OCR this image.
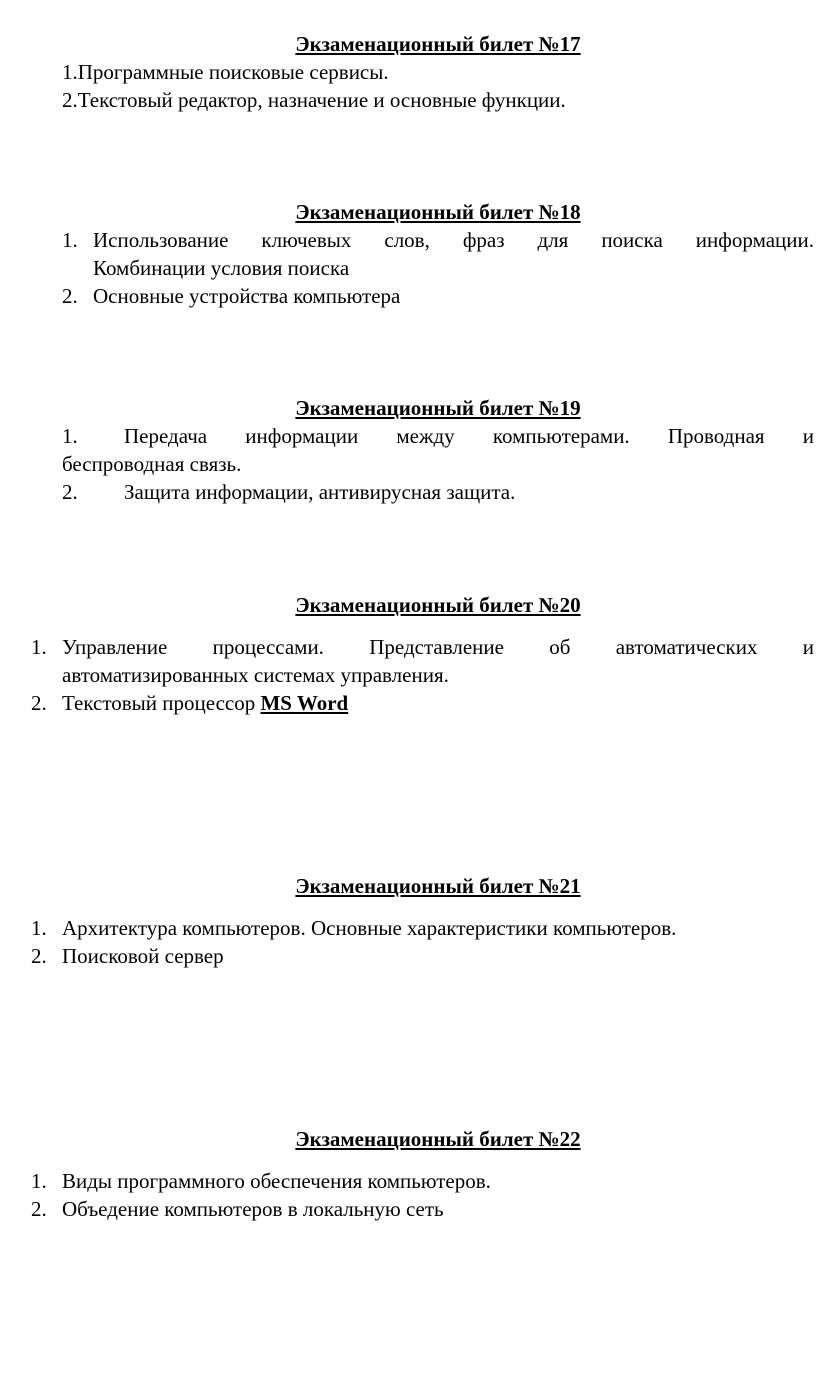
Экзаменационный билет №17
1.Программные поисковые сервисы.
2.Текстовый редактор, назначение и основные функции.
Экзаменационный билет №18
1. Использование ключевых слов, фраз для поиска информации.
Комбинации условия поиска
2. Основные устройства компьютера
Экзаменационный билет №19
1. Передача информации между компьютерами. Проводная и
беспроводная связь.
2. Защита информации, антивирусная защита.
Экзаменационный билет №20
1. Управление процессами. Представление об автоматических и
автоматизированных системах управления.
2. Текстовый процессор MS Word
Экзаменационный билет №21
1. Архитектура компьютеров. Основные характеристики компьютеров.
2. Поисковой сервер
Экзаменационный билет №22
1. Виды программного обеспечения компьютеров.
2. Объедение компьютеров в локальную сеть
